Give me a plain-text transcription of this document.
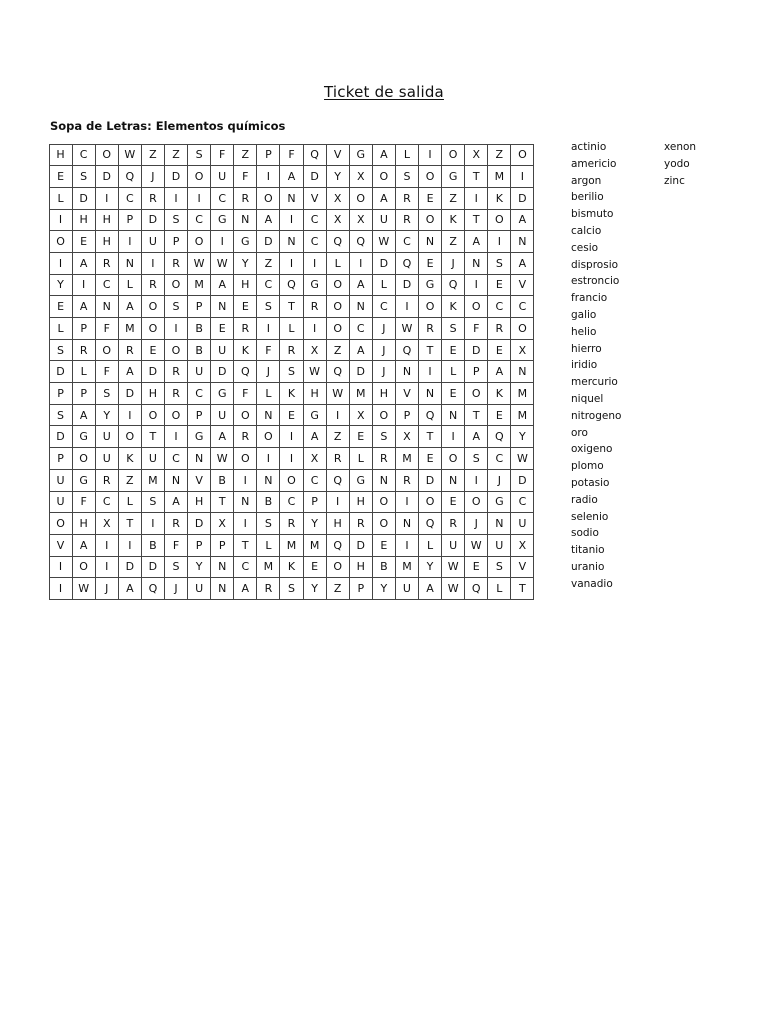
Ticket de salida
Sopa de Letras: Elementos químicos
H	C	O	W	Z	Z	S	F	Z	P	F	Q	V	G	A	L	I	O	X	Z	O
E	S	D	Q	J	D	O	U	F	I	A	D	Y	X	O	S	O	G	T	M	I
L	D	I	C	R	I	I	C	R	O	N	V	X	O	A	R	E	Z	I	K	D
I	H	H	P	D	S	C	G	N	A	I	C	X	X	U	R	O	K	T	O	A
O	E	H	I	U	P	O	I	G	D	N	C	Q	Q	W	C	N	Z	A	I	N
I	A	R	N	I	R	W	W	Y	Z	I	I	L	I	D	Q	E	J	N	S	A
Y	I	C	L	R	O	M	A	H	C	Q	G	O	A	L	D	G	Q	I	E	V
E	A	N	A	O	S	P	N	E	S	T	R	O	N	C	I	O	K	O	C	C
L	P	F	M	O	I	B	E	R	I	L	I	O	C	J	W	R	S	F	R	O
S	R	O	R	E	O	B	U	K	F	R	X	Z	A	J	Q	T	E	D	E	X
D	L	F	A	D	R	U	D	Q	J	S	W	Q	D	J	N	I	L	P	A	N
P	P	S	D	H	R	C	G	F	L	K	H	W	M	H	V	N	E	O	K	M
S	A	Y	I	O	O	P	U	O	N	E	G	I	X	O	P	Q	N	T	E	M
D	G	U	O	T	I	G	A	R	O	I	A	Z	E	S	X	T	I	A	Q	Y
P	O	U	K	U	C	N	W	O	I	I	X	R	L	R	M	E	O	S	C	W
U	G	R	Z	M	N	V	B	I	N	O	C	Q	G	N	R	D	N	I	J	D
U	F	C	L	S	A	H	T	N	B	C	P	I	H	O	I	O	E	O	G	C
O	H	X	T	I	R	D	X	I	S	R	Y	H	R	O	N	Q	R	J	N	U
V	A	I	I	B	F	P	P	T	L	M	M	Q	D	E	I	L	U	W	U	X
I	O	I	D	D	S	Y	N	C	M	K	E	O	H	B	M	Y	W	E	S	V
I	W	J	A	Q	J	U	N	A	R	S	Y	Z	P	Y	U	A	W	Q	L	T
actinio
americio
argon
berilio
bismuto
calcio
cesio
disprosio
estroncio
francio
galio
helio
hierro
iridio
mercurio
niquel
nitrogeno
oro
oxigeno
plomo
potasio
radio
selenio
sodio
titanio
uranio
vanadio
xenon
yodo
zinc
